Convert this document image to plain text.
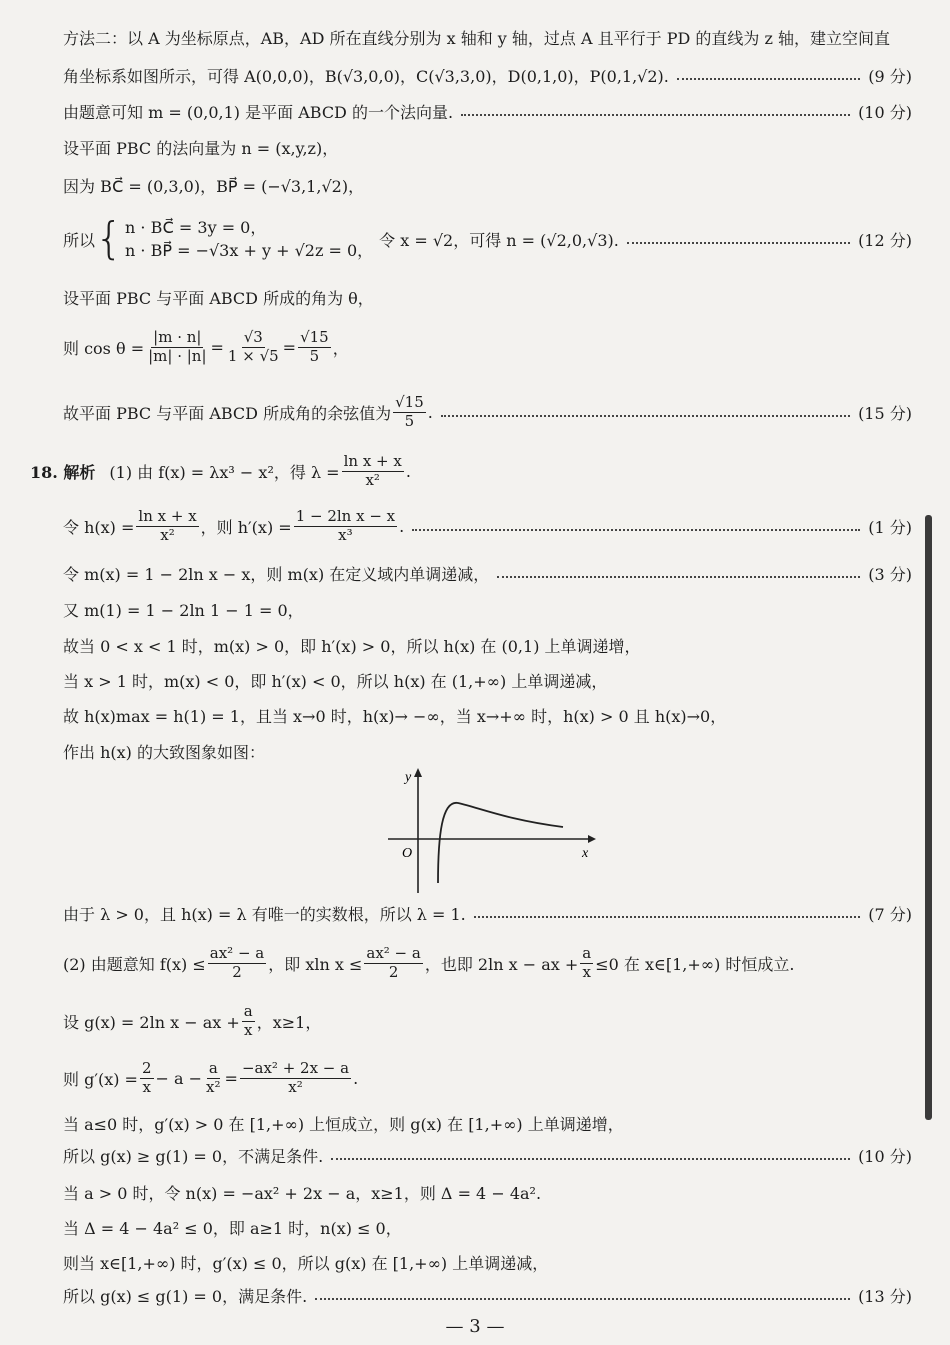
方法二：以 A 为坐标原点，AB，AD 所在直线分别为 x 轴和 y 轴，过点 A 且平行于 PD 的直线为 z 轴，建立空间直
角坐标系如图所示，可得 A(0,0,0)，B(√3,0,0)，C(√3,3,0)，D(0,1,0)，P(0,1,√2).	(9 分)
由题意可知 m = (0,0,1) 是平面 ABCD 的一个法向量.	(10 分)
设平面 PBC 的法向量为 n = (x,y,z)，
因为 BC⃗ = (0,3,0)，BP⃗ = (−√3,1,√2)，
所以 { n · BC⃗ = 3y = 0，
n · BP⃗ = −√3x + y + √2z = 0，
令 x = √2，可得 n = (√2,0,√3).	(12 分)
设平面 PBC 与平面 ABCD 所成的角为 θ，
则 $\cos \theta = \frac{|m \cdot n|}{|m| \cdot |n|} = \frac{√3}{1 \times √5} = \frac{√15}{5}$ ，
故平面 PBC 与平面 ABCD 所成角的余弦值为 $\frac{√15}{5}$ .	(15 分)
18. 解析 (1) 由 f(x) = λx³ − x²，得 $\lambda = \frac{\text{ln x + x}}{\text{x²}}$ .
令 $h(x) = \frac{\text{ln x + x}}{\text{x²}}$ ，则 $h'(x) = \frac{\text{1 − 2ln x − x}}{\text{x³}}$ .	(1 分)
令 m(x) = 1 − 2ln x − x，则 m(x) 在定义域内单调递减，	(3 分)
又 m(1) = 1 − 2ln 1 − 1 = 0，
故当 0 < x < 1 时，m(x) > 0，即 h′(x) > 0，所以 h(x) 在 (0,1) 上单调递增，
当 x > 1 时，m(x) < 0，即 h′(x) < 0，所以 h(x) 在 (1,+∞) 上单调递减，
故 h(x)max = h(1) = 1，且当 x→0 时，h(x)→ −∞，当 x→+∞ 时，h(x) > 0 且 h(x)→0，
作出 h(x) 的大致图象如图：
y
x
O
由于 λ > 0，且 h(x) = λ 有唯一的实数根，所以 λ = 1.	(7 分)
(2) 由题意知 $f(x) \le \frac{\text{ax² − a}}{2}$ ，即 xln $x \le \frac{\text{ax² − a}}{2}$ ，也即 2ln x − ax + $\frac{a}{x} \le 0$ 在 x∈[1,+∞) 时恒成立.
设 g(x) = 2ln x − ax + $\frac{a}{x}$ ，x≥1，
则 $g'(x) = \frac{2}{x} - a - \frac{a}{\text{x²}} = \frac{\text{−ax² + 2x − a}}{\text{x²}}$ .
当 a≤0 时，g′(x) > 0 在 [1,+∞) 上恒成立，则 g(x) 在 [1,+∞) 上单调递增，
所以 g(x) ≥ g(1) = 0，不满足条件.	(10 分)
当 a > 0 时，令 n(x) = −ax² + 2x − a，x≥1，则 Δ = 4 − 4a².
当 Δ = 4 − 4a² ≤ 0，即 a≥1 时，n(x) ≤ 0，
则当 x∈[1,+∞) 时，g′(x) ≤ 0，所以 g(x) 在 [1,+∞) 上单调递减，
所以 g(x) ≤ g(1) = 0，满足条件.	(13 分)
— 3 —
